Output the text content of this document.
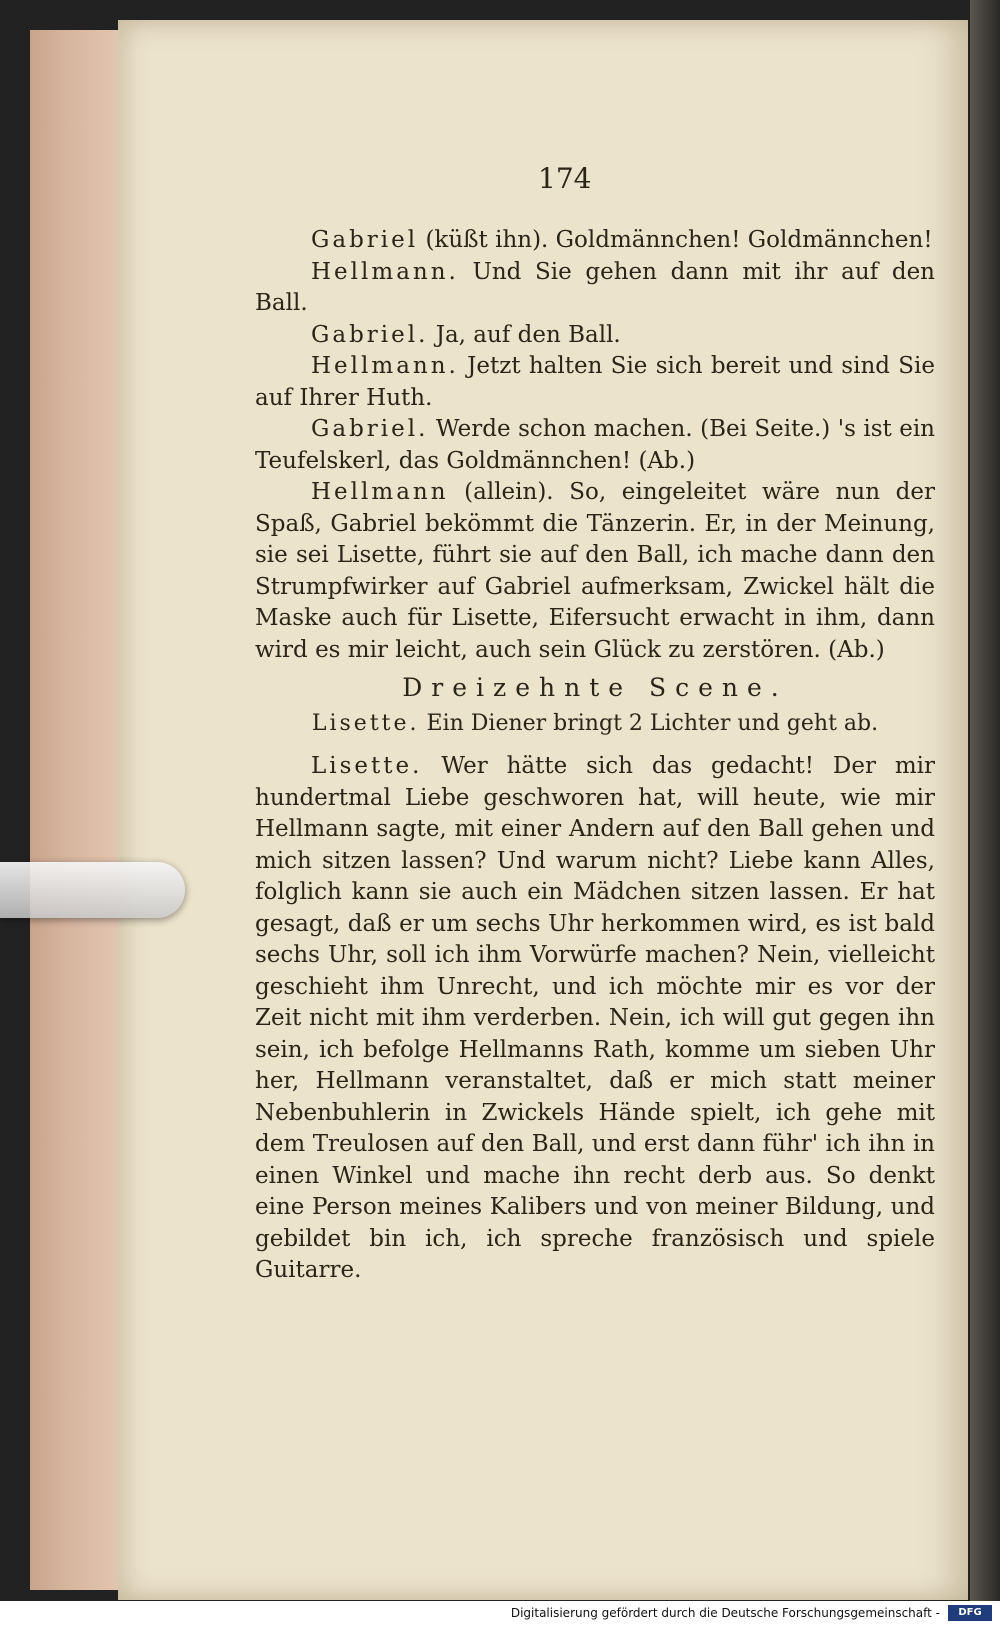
174

Gabriel (küßt ihn). Goldmännchen! Goldmännchen!

Hellmann. Und Sie gehen dann mit ihr auf den Ball.

Gabriel. Ja, auf den Ball.

Hellmann. Jetzt halten Sie sich bereit und sind Sie auf Ihrer Huth.

Gabriel. Werde schon machen. (Bei Seite.) 's ist ein Teufelskerl, das Goldmännchen! (Ab.)

Hellmann (allein). So, eingeleitet wäre nun der Spaß, Gabriel bekömmt die Tänzerin. Er, in der Meinung, sie sei Lisette, führt sie auf den Ball, ich mache dann den Strumpfwirker auf Gabriel aufmerksam, Zwickel hält die Maske auch für Lisette, Eifersucht erwacht in ihm, dann wird es mir leicht, auch sein Glück zu zerstören. (Ab.)

Dreizehnte Scene.
Lisette. Ein Diener bringt 2 Lichter und geht ab.

Lisette. Wer hätte sich das gedacht! Der mir hundertmal Liebe geschworen hat, will heute, wie mir Hellmann sagte, mit einer Andern auf den Ball gehen und mich sitzen lassen? Und warum nicht? Liebe kann Alles, folglich kann sie auch ein Mädchen sitzen lassen. Er hat gesagt, daß er um sechs Uhr herkommen wird, es ist bald sechs Uhr, soll ich ihm Vorwürfe machen? Nein, vielleicht geschieht ihm Unrecht, und ich möchte mir es vor der Zeit nicht mit ihm verderben. Nein, ich will gut gegen ihn sein, ich befolge Hellmanns Rath, komme um sieben Uhr her, Hellmann veranstaltet, daß er mich statt meiner Nebenbuhlerin in Zwickels Hände spielt, ich gehe mit dem Treulosen auf den Ball, und erst dann führ' ich ihn in einen Winkel und mache ihn recht derb aus. So denkt eine Person meines Kalibers und von meiner Bildung, und gebildet bin ich, ich spreche französisch und spiele Guitarre.

Digitalisierung gefördert durch die Deutsche Forschungsgemeinschaft -	DFG
